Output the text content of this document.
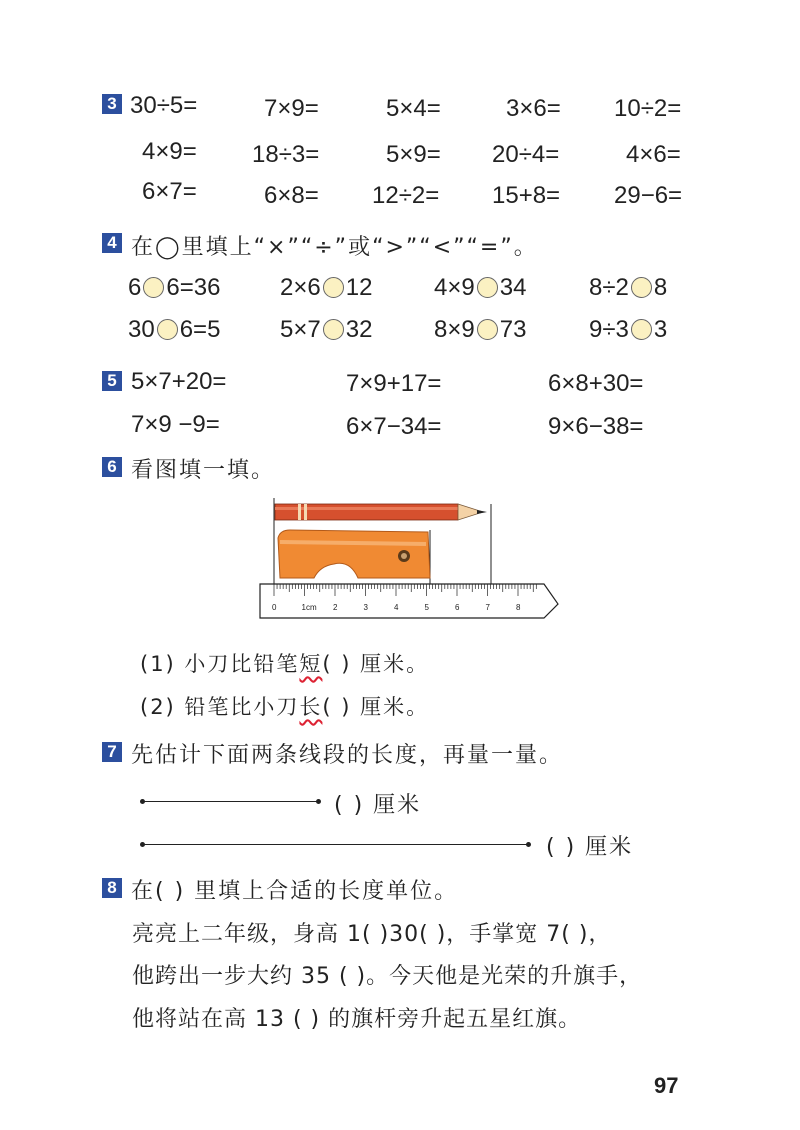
3 30÷5=	7×9=	5×4=	3×6= 10÷2=
4×9= 18÷3=	5×9= 20÷4=	4×6=
6×7=	6×8= 12÷2= 15+8= 29−6=
4 在◯里填上“×”“÷”或“>”“<”“=”。
6 6=36 2×6 12	4×9 34	8÷2 8
30 6=5 5×7 32	8×9 73	9÷3 3
5 5×7+20=	7×9+17=	6×8+30=
7×9 −9=	6×7−34=	9×6−38=
6 看图填一填。
0	1cm 2	3	4	5	6	7	8
(1) 小刀比铅笔短( ) 厘米。
(2) 铅笔比小刀长( ) 厘米。
7 先估计下面两条线段的长度，再量一量。
( ) 厘米
( ) 厘米
8 在( ) 里填上合适的长度单位。
亮亮上二年级，身高 1( )30( )，手掌宽 7( )，
他跨出一步大约 35 ( )。今天他是光荣的升旗手，
他将站在高 13 ( ) 的旗杆旁升起五星红旗。
97
